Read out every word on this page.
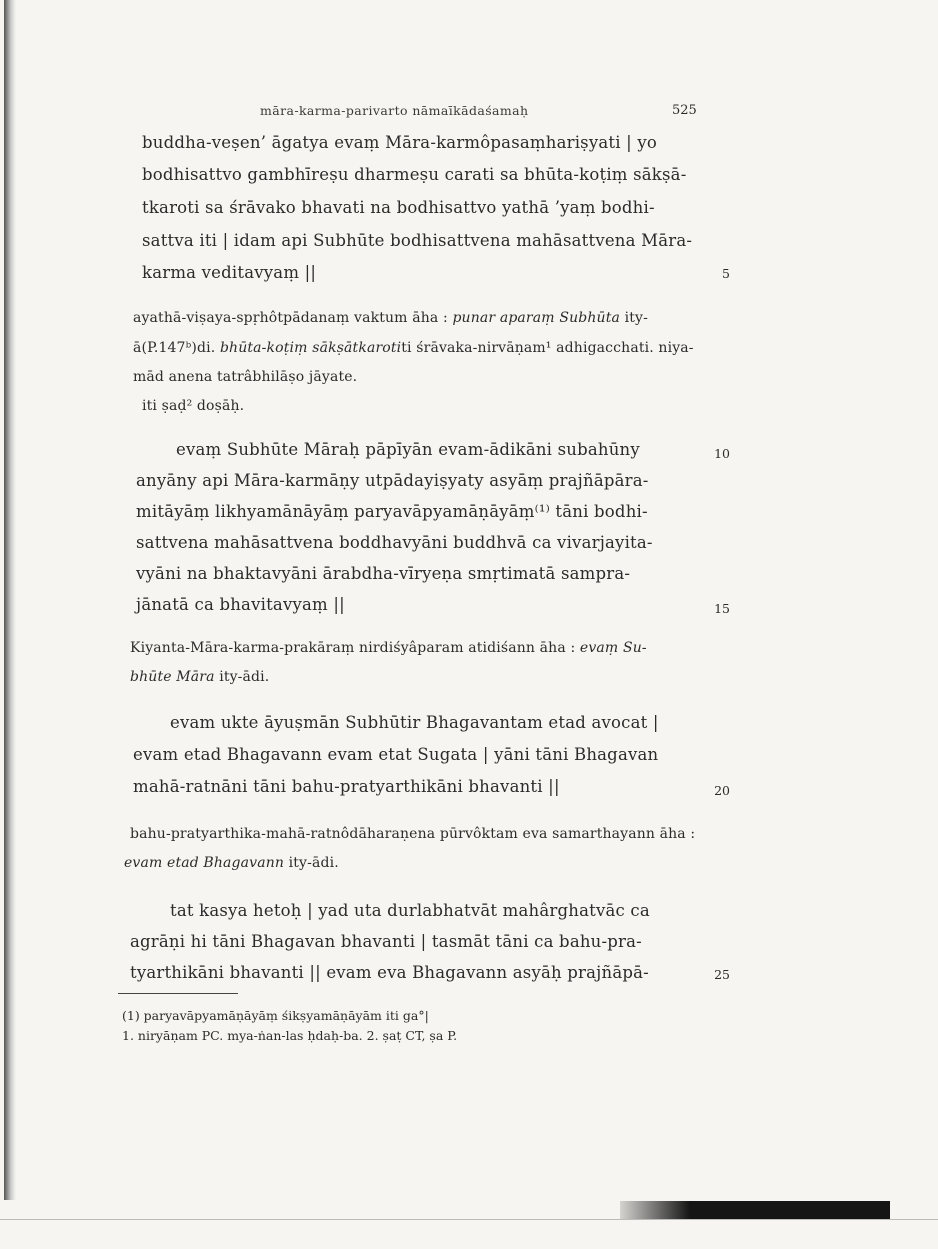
māra-karma-parivarto nāmaīkādaśamaḥ	525
buddha-veṣen’ āgatya evaṃ Māra-karmôpasaṃhariṣyati | yo
bodhisattvo gambhīreṣu dharmeṣu carati sa bhūta-koṭiṃ sākṣā-
tkaroti sa śrāvako bhavati na bodhisattvo yathā ’yaṃ bodhi-
sattva iti | idam api Subhūte bodhisattvena mahāsattvena Māra-
karma veditavyaṃ ||	5
ayathā-viṣaya-spṛhôtpādanaṃ vaktum āha : punar aparaṃ Subhūta ity-
ā(P.147ᵇ)di. bhūta-koṭiṃ sākṣātkarotiti śrāvaka-nirvāṇam¹ adhigacchati. niya-
mād anena tatrâbhilāṣo jāyate.
iti ṣaḍ² doṣāḥ.
evaṃ Subhūte Māraḥ pāpīyān evam-ādikāni subahūny	10
anyāny api Māra-karmāṇy utpādayiṣyaty asyāṃ prajñāpāra-
mitāyāṃ likhyamānāyāṃ paryavāpyamāṇāyāṃ⁽¹⁾ tāni bodhi-
sattvena mahāsattvena boddhavyāni buddhvā ca vivarjayita-
vyāni na bhaktavyāni ārabdha-vīryeṇa smṛtimatā sampra-
jānatā ca bhavitavyaṃ ||	15
Kiyanta-Māra-karma-prakāraṃ nirdiśyâparam atidiśann āha : evaṃ Su-
bhūte Māra ity-ādi.
evam ukte āyuṣmān Subhūtir Bhagavantam etad avocat |
evam etad Bhagavann evam etat Sugata | yāni tāni Bhagavan
mahā-ratnāni tāni bahu-pratyarthikāni bhavanti ||	20
bahu-pratyarthika-mahā-ratnôdāharaṇena pūrvôktam eva samarthayann āha :
evam etad Bhagavann ity-ādi.
tat kasya hetoḥ | yad uta durlabhatvāt mahârghatvāc ca
agrāṇi hi tāni Bhagavan bhavanti | tasmāt tāni ca bahu-pra-
tyarthikāni bhavanti || evam eva Bhagavann asyāḥ prajñāpā-	25
(1) paryavāpyamāṇāyāṃ śikṣyamāṇāyām iti ga°|
1. niryāṇam PC. mya-ṅan-las ḥdaḥ-ba. 2. ṣaṭ CT, ṣa P.
